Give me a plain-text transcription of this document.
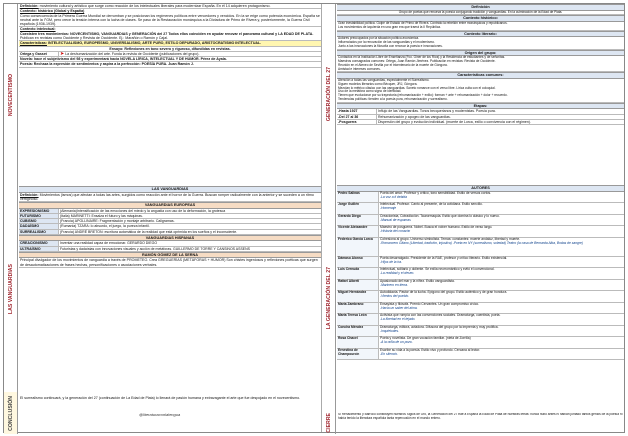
NOVECENTISMO
LAS VANGUARDIAS
CONCLUSIÓN
Definición: movimiento cultural y artístico que surge como reacción de los intelectuales liberales para modernizar España. En él 14 adquieren protagonismo.
Contexto: histórico (Global y España)
Como consecuencia de la Primera Guerra Mundial se derrumban y se posicionan los regímenes políticos entre vencedores y vencidos. En la se erige como potencia económica. España se neutral ante la I°GM, pero crece la tensión interna con la lucha de clases. Se paso de la Restauración monárquica a la Dictadura de Primo de Rivera y, posteriormente, la Guerra Civil española (1936-1939).
Contexto intelectual:
Coexisten tres movimientos: NOVECENTISMO, VANGUARDIAS y GENERACIÓN del 27 Todos ellos coinciden en ayudar renovar el panorama cultural y LA EDAD DE PLATA.
Publican en revistas como Occidente y Revista de Occidente. Ej.: Marañón o Ramón y Cajal.
Características: INTELECTUALISMO, EUROPEÍSMO, UNIVERSALISMO, ARTE PURO, ESTILO DEPURADO, ARISTOCRATISMO INTELECTUAL.
Ensayo: Reflexiones en tono severo y riguroso, difundidas en revistas.
Ortega y Gasset	➤ La deshumanización del arte. Funda la revista de Occidente (publicaciones del grupo).
Novela: hace el subjetivismo del 98 y experimentará hacia NOVELA LÍRICA, INTELECTUAL Y DE HUMOR. Pérez de Ayala.
Poesía: Rechaza la expresión de sentimientos y aspira a la perfección: POESÍA PURA. Juan Ramón J.
LAS VANGUARDIAS
Definición: Movimientos (ismos) que afectan a todas las artes, surgidos como reacción ante el horror de la Guerra. Buscan romper radicalmente con la anterior y se suceden a un ritmo vertiginoso.
VANGUARDIAS EUROPEAS
EXPRESIONISMO	(Alemania)Intensificación de las emociones del miedo y la angustia con uso de la deformación, la grotesca
FUTURISMO	(Italia) MARINETTI: Ensalza el futuro y las máquinas.
CUBISMO	(Francia) APOLLINAIRE: Fragmentación y montaje arbitrario. Caligramas.
DADAÍSMO	(Rumania) TZARA: lo absurdo, el juego, la pureza infantil.
SURREALISMO	(Francia) ANDRÉ BRETON: escritura automática de la realidad que está oprimida en los sueños y el inconsciente.
VANGUARDIAS HISPANAS
CREACIONISMO	Inventar una realidad capaz de emocionar. GERARDO DIEGO
ULTRAÍSMO	Futuristas y dadaístas con innovaciones visuales y acción de metáforas. GUILLERMO DE TORRE Y CANSINOS ASSENS
RAMÓN GÓMEZ DE LA SERNA
Principal divulgador de los movimientos de vanguardia a través de PROMETEO. Crea GREGUERÍAS (METÁFORAS + HUMOR) Son chistes ingeniosos y reflexiones poéticas que surgen de desautomatizaciones de frases hechas, personificaciones o asociaciones verbales.
El surrealismo continuará, y la generación del 27 (continuación de La Edad de Plata) lo llenará de pasión humana y extravagante el arte que fue despojado en el novecentismo.
@literaturaconlalengua
GENERACIÓN DEL 27
LA GENERACIÓN DEL 27
CIERRE
Definición
Grupo de poetas que renueva la poesía conjugando tradición y vanguardias. En la culminación de la Edad de Plata.
Contexto histórico:
Gran inestabilidad política. Golpe de Estado de Primo de Rivera. Contrato la rebelión entre monárquicos y republicanos.
Los movimientos de izquierda en una gran era que traerá la II República.
Contexto literario:
Autores preocupados por la situación político-económica.
Influenciados por la renovación de las vanguardias y el modernismo.
Junto a las innovaciones la filosofía con renovar la poesía e innovaciones.
Origen del grupo:
Contactos en la Institución Libre de Enseñanza (Fco. Giner de los Ríos) y la Residencia de estudiantes y de señoritas.
Maestros consagrados comunes: Ortega, Juan Ramón Jiménez. Publicación en revistas: Revista de Occidente.
Reunión en el Ateneo de Sevilla por el tricentenario de la muerte de Góngora.
Amistad e intereses comunes.
Características comunes:
Atención a todas las vanguardias, especialmente el Surrealismo.
Siguen modelos literarios como Bécquer, JRJ, Góngora.
Mezclan lo métrico clásico con las vanguardias. Soneto romance con el verso libre. Lírica culta con el coloquial.
Uso de la metáfora como signo de identidad.
Tienen que evolucionar por su trayectoria (rehumanización + exilio): forman + arte + rehumanización + dolor + recuerdo.
Tendencias políticas: tienden a la poesía pura, rehumanización y surrealismo.
Etapas:
-Hasta 1927	Influjo de las Vanguardias. Tonos becquerianos y modernistas. Poesía pura.
-Del 27 al 36	Rehumanización y apogeo de las vanguardias.
-Posguerra	Dispersión del grupo y evolución individual. (muerte de Lorca, exilio o convivencia con el régimen).
AUTORES
Pedro Salinas	Poeta del amor. Profesor y crítico, tono sensibilidad. Estilo de versos cortos.
-La voz a ti debida
Jorge Guillén	Intelectual. Profesor. Canto al presente, de la cotidiana. Estilo sencillo.
-Homenaje
Gerardo Diego	Creacionista, Cotradicción. Taurormaquia. Estilo que domina lo clásico y lo nuevo.
-Manual de espumas
Vicente Aleixandre	Maestro de posguerra. Nobel. Busca el volver humano. Estilo de verso largo.
-Historia del corazón
Federico García Lorca	Cohesiona al grupo. Universo simbolista. Temas: constantes: muerte andaluz, libertad y muerte.
-Romancero Gitano (Libertad, tradición, injustica) -Poeta en NY (surrealismo, soledad) Teatro (la casa de Bernarda Alba, Bodas de sangre)
Dámaso Alonso	Poeta desarraigado. Presidente de la RAE, profesor y crítico literario. Estilo existencial.
-Hijos de la ira.
Luis Cernuda	Intelectual, solitario y doliente. Se exilia neorromántico y evitó el convencional.
-La realidad y el deseo.
Rafael Alberti	Apasionado del mar y la niñez. Estilo vanguardista.
-Marinero en tierra.
Miguel Hernández	Autodidacta. Pastor de la lucha. Epígono del grupo. Estilo auténtico y de gran hondura.
-Vientos del pueblo.
María Zambrano	Ensayista y filósofa. Premio Cervantes. Un gran compromiso cívico.
-Hacia un saber del alma.
María Teresa León	Activista que rompía con las convenciones sociales. Dramaturga, cuentista, poeta.
-La libertad en el tejado.
Concha Méndez	Dramaturga, editora, aviadora. Difusora del grupo por la imprenta y muy prolífica.
-Inquietudes.
Rosa Chacel	Poeta y novelista. De gran vocación familiar. (nieta de Zorrilla)
-A la orilla de un pozo.
Ernestina de Champourcín
Escribe su vida a la poesía. Estilo vivo y profundo. Cercana al lector.
-En silencio.
Si Renacimiento y Barroco constituyen nuestros Siglos de Oro, la Generación del 27 trae a España la Edad de Plata de nuestras letras: nunca hubo antes ni habían juntado tantos genios de la poesía ni había tenido la literatura española tanta repercusión en el mundo entero.
